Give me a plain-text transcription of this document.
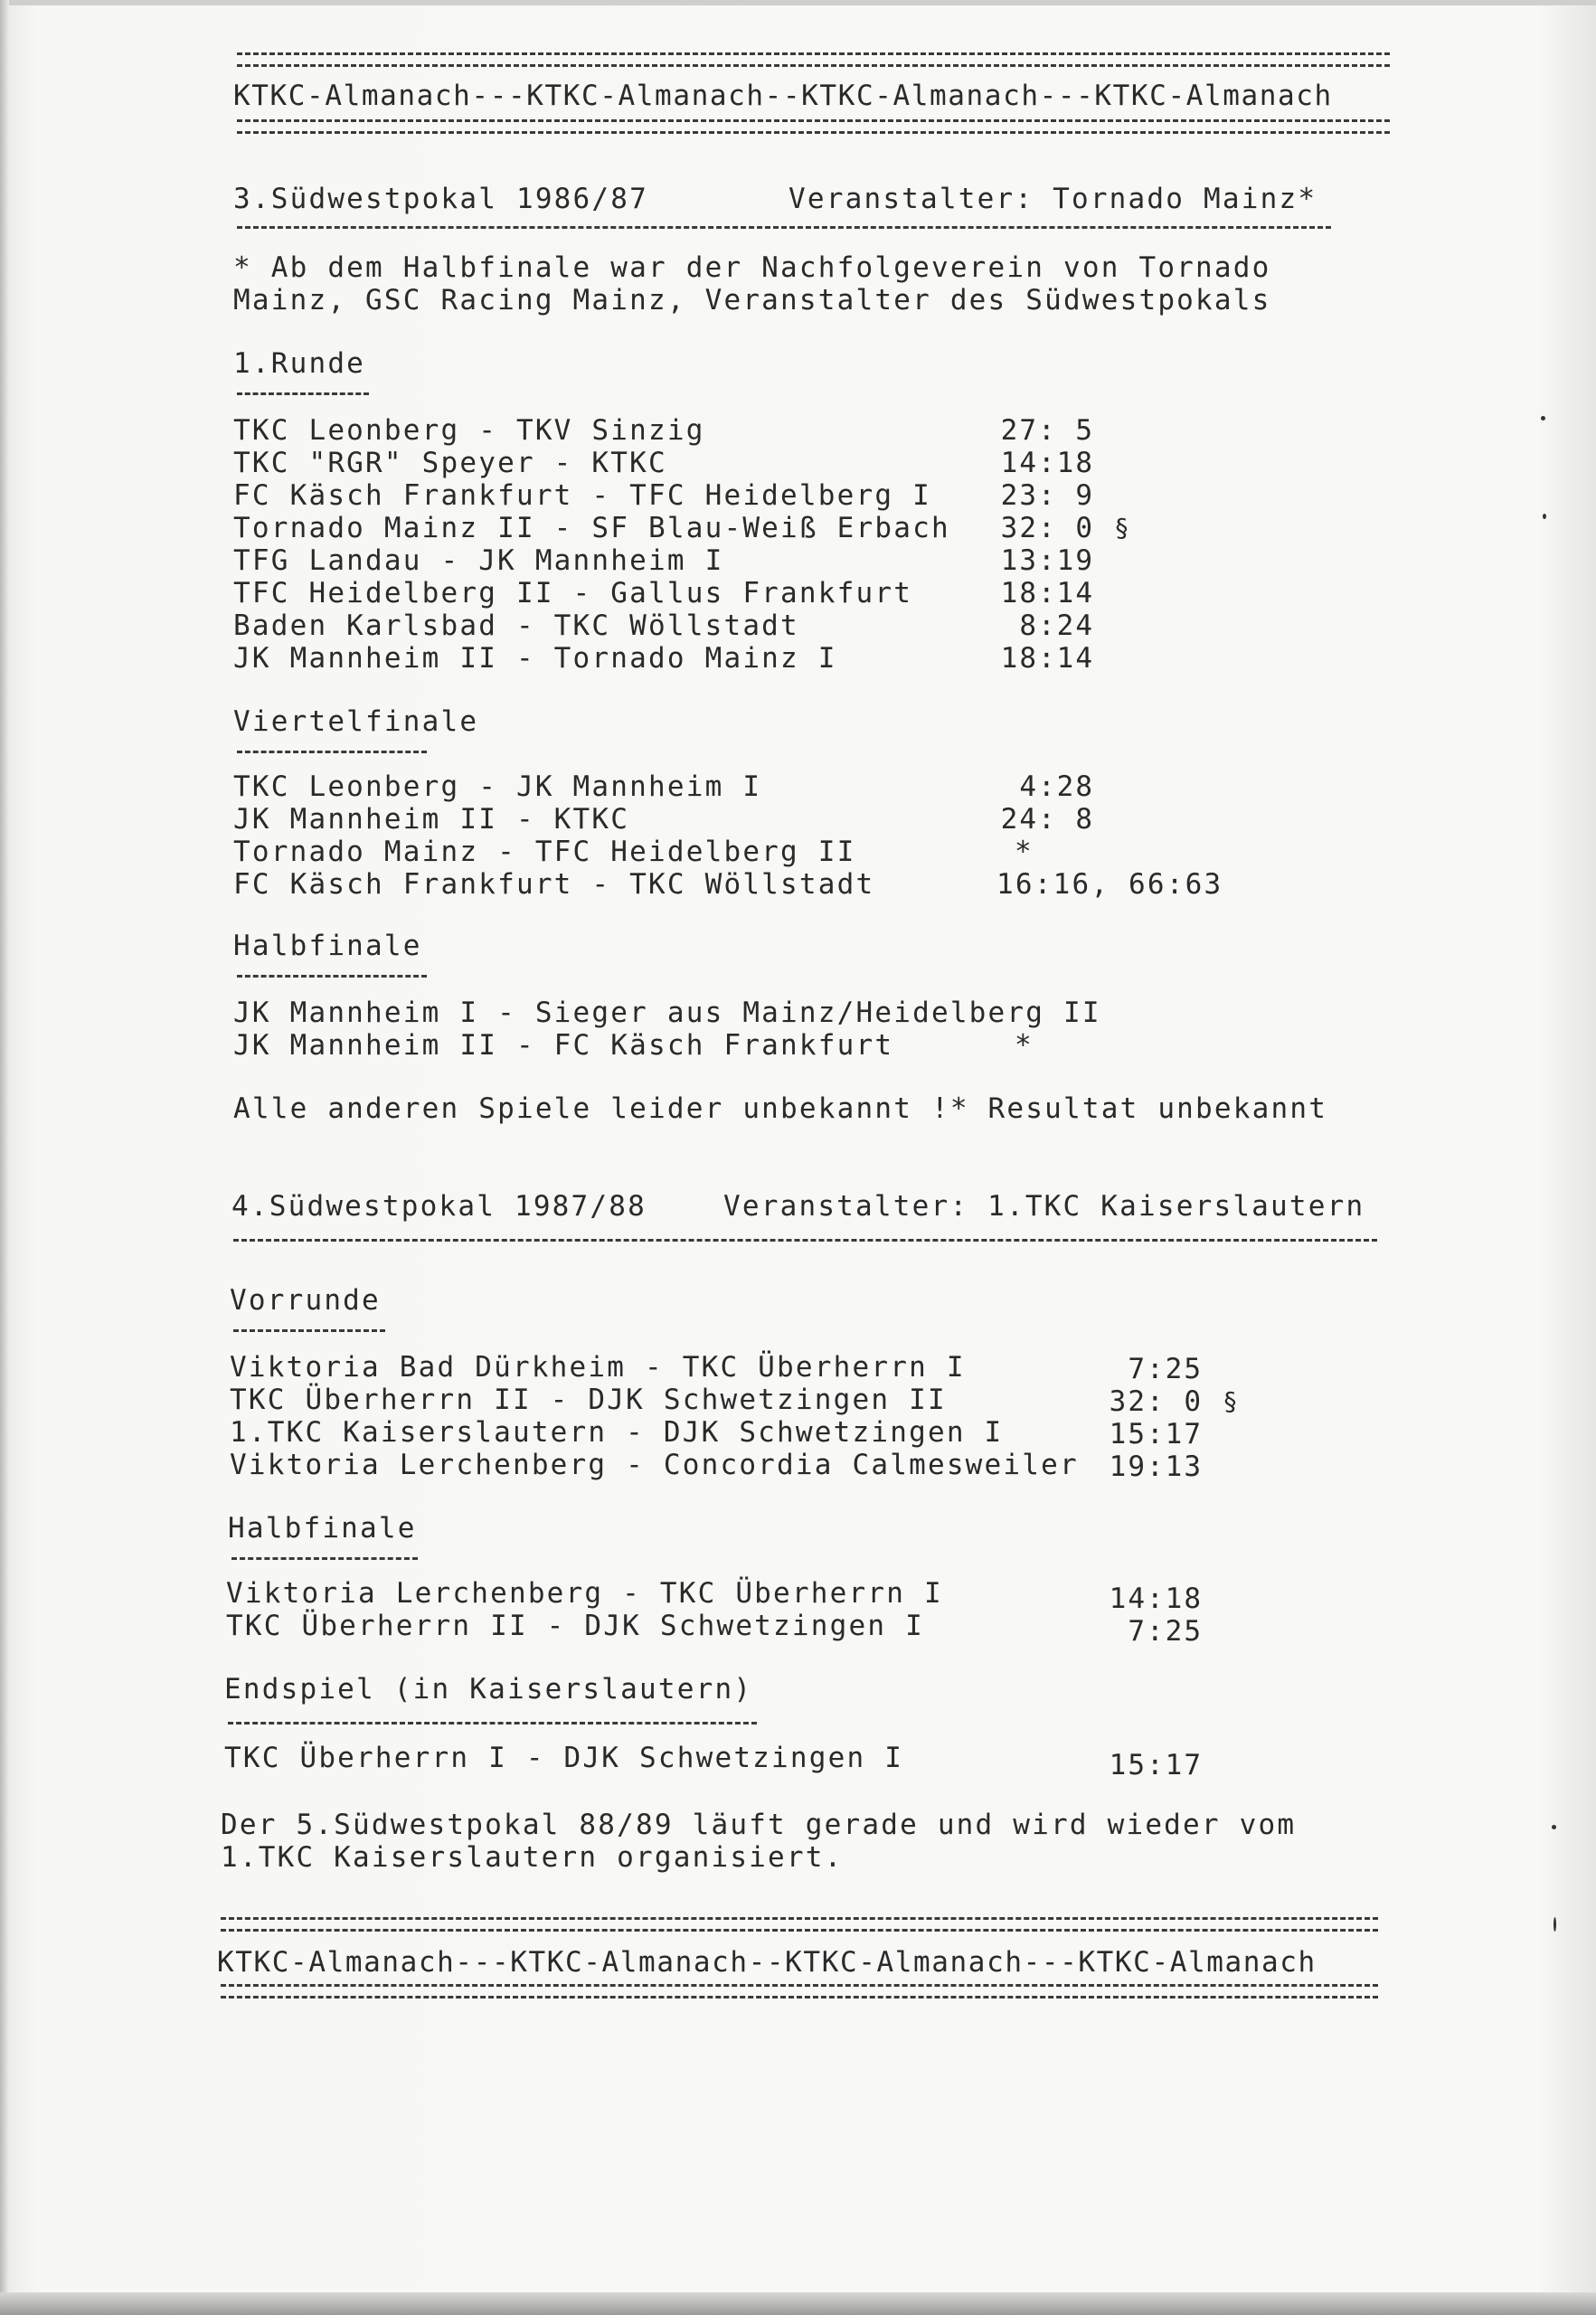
KTKC-Almanach---KTKC-Almanach--KTKC-Almanach---KTKC-Almanach
3.Südwestpokal 1986/87	Veranstalter: Tornado Mainz*
* Ab dem Halbfinale war der Nachfolgeverein von Tornado
Mainz, GSC Racing Mainz, Veranstalter des Südwestpokals
1.Runde
TKC Leonberg - TKV Sinzig	27: 5
TKC "RGR" Speyer - KTKC	14:18
FC Käsch Frankfurt - TFC Heidelberg I	23: 9
Tornado Mainz II - SF Blau-Weiß Erbach	32: 0 §
TFG Landau - JK Mannheim I	13:19
TFC Heidelberg II - Gallus Frankfurt	18:14
Baden Karlsbad - TKC Wöllstadt	8:24
JK Mannheim II - Tornado Mainz I	18:14
Viertelfinale
TKC Leonberg - JK Mannheim I	4:28
JK Mannheim II - KTKC	24: 8
Tornado Mainz - TFC Heidelberg II	*
FC Käsch Frankfurt - TKC Wöllstadt	16:16, 66:63
Halbfinale
JK Mannheim I - Sieger aus Mainz/Heidelberg II
JK Mannheim II - FC Käsch Frankfurt	*
Alle anderen Spiele leider unbekannt !* Resultat unbekannt
4.Südwestpokal 1987/88	Veranstalter: 1.TKC Kaiserslautern
Vorrunde
Viktoria Bad Dürkheim - TKC Überherrn I	7:25
TKC Überherrn II - DJK Schwetzingen II	32: 0 §
1.TKC Kaiserslautern - DJK Schwetzingen I	15:17
Viktoria Lerchenberg - Concordia Calmesweiler	19:13
Halbfinale
Viktoria Lerchenberg - TKC Überherrn I	14:18
TKC Überherrn II - DJK Schwetzingen I	7:25
Endspiel (in Kaiserslautern)
TKC Überherrn I - DJK Schwetzingen I	15:17
Der 5.Südwestpokal 88/89 läuft gerade und wird wieder vom
1.TKC Kaiserslautern organisiert.
KTKC-Almanach---KTKC-Almanach--KTKC-Almanach---KTKC-Almanach
